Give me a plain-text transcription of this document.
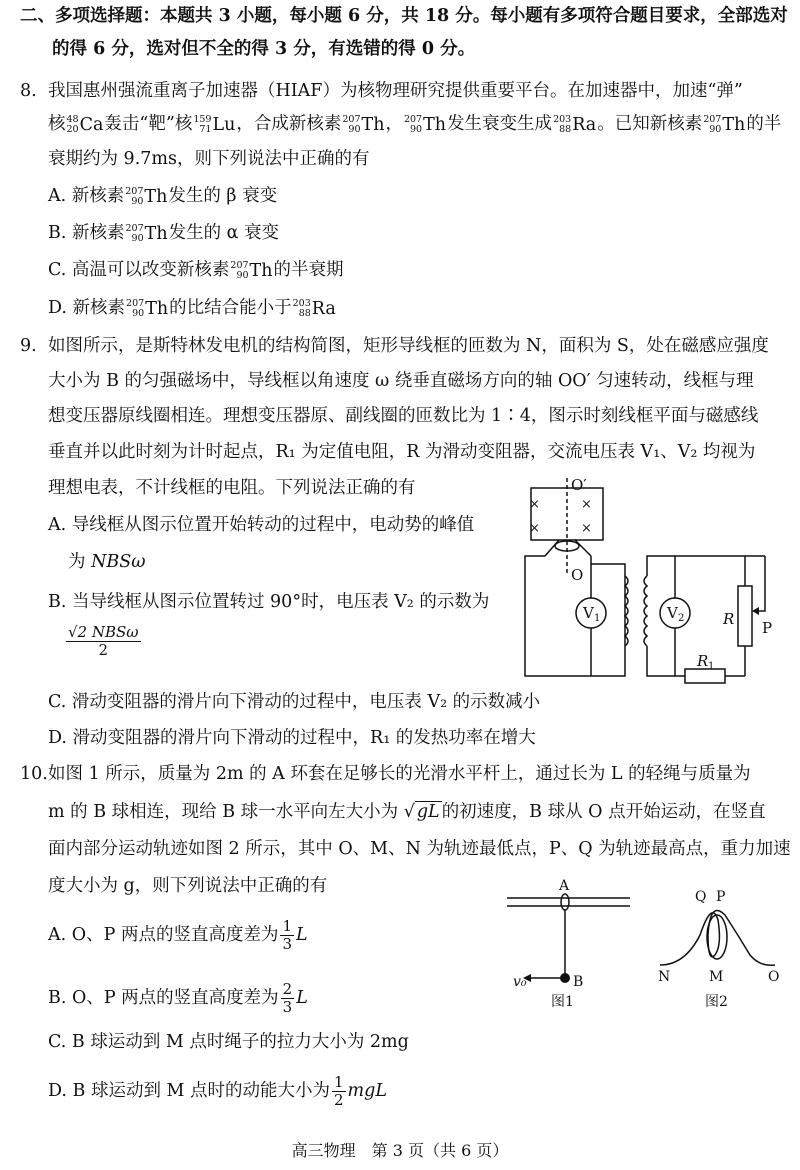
二、多项选择题：本题共 3 小题，每小题 6 分，共 18 分。每小题有多项符合题目要求，全部选对
的得 6 分，选对但不全的得 3 分，有选错的得 0 分。
8. 我国惠州强流重离子加速器（HIAF）为核物理研究提供重要平台。在加速器中，加速“弹”
核 48
20 Ca 轰击“靶”核 159
71 Lu ，合成新核素 207
90 Th ， 207
90 Th 发生衰变生成 203
88 Ra 。已知新核素 207
90 Th 的半
衰期约为 9.7ms，则下列说法中正确的有
A. 新核素 207
90 Th 发生的 β 衰变
B. 新核素 207
90 Th 发生的 α 衰变
C. 高温可以改变新核素 207
90 Th 的半衰期
D. 新核素 207
90 Th 的比结合能小于 203
88 Ra
9. 如图所示，是斯特林发电机的结构简图，矩形导线框的匝数为 N，面积为 S，处在磁感应强度
大小为 B 的匀强磁场中，导线框以角速度 ω 绕垂直磁场方向的轴 OO′ 匀速转动，线框与理
想变压器原线圈相连。理想变压器原、副线圈的匝数比为 1∶4，图示时刻线框平面与磁感线
垂直并以此时刻为计时起点，R₁ 为定值电阻，R 为滑动变阻器，交流电压表 V₁、V₂ 均视为
理想电表，不计线框的电阻。下列说法正确的有
A. 导线框从图示位置开始转动的过程中，电动势的峰值
为 NBSω
B. 当导线框从图示位置转过 90°时，电压表 V₂ 的示数为
$\frac{\text{√2 NBSω}}{2}$
C. 滑动变阻器的滑片向下滑动的过程中，电压表 V₂ 的示数减小
D. 滑动变阻器的滑片向下滑动的过程中，R₁ 的发热功率在增大
×	×
×	×
O′
O
V 1	V 2	R P
R 1
10. 如图 1 所示，质量为 2m 的 A 环套在足够长的光滑水平杆上，通过长为 L 的轻绳与质量为
m 的 B 球相连，现给 B 球一水平向左大小为 √ gL 的初速度，B 球从 O 点开始运动，在竖直
面内部分运动轨迹如图 2 所示，其中 O、M、N 为轨迹最低点，P、Q 为轨迹最高点，重力加速
度大小为 g，则下列说法中正确的有
A. O、P 两点的竖直高度差为 $\frac{1}{3}$ L
B. O、P 两点的竖直高度差为 $\frac{2}{3}$ L
C. B 球运动到 M 点时绳子的拉力大小为 2mg
D. B 球运动到 M 点时的动能大小为 $\frac{1}{2}$ mgL
A
B
v₀
图1
Q P
N	M	O
图2
高三物理　第 3 页（共 6 页）
